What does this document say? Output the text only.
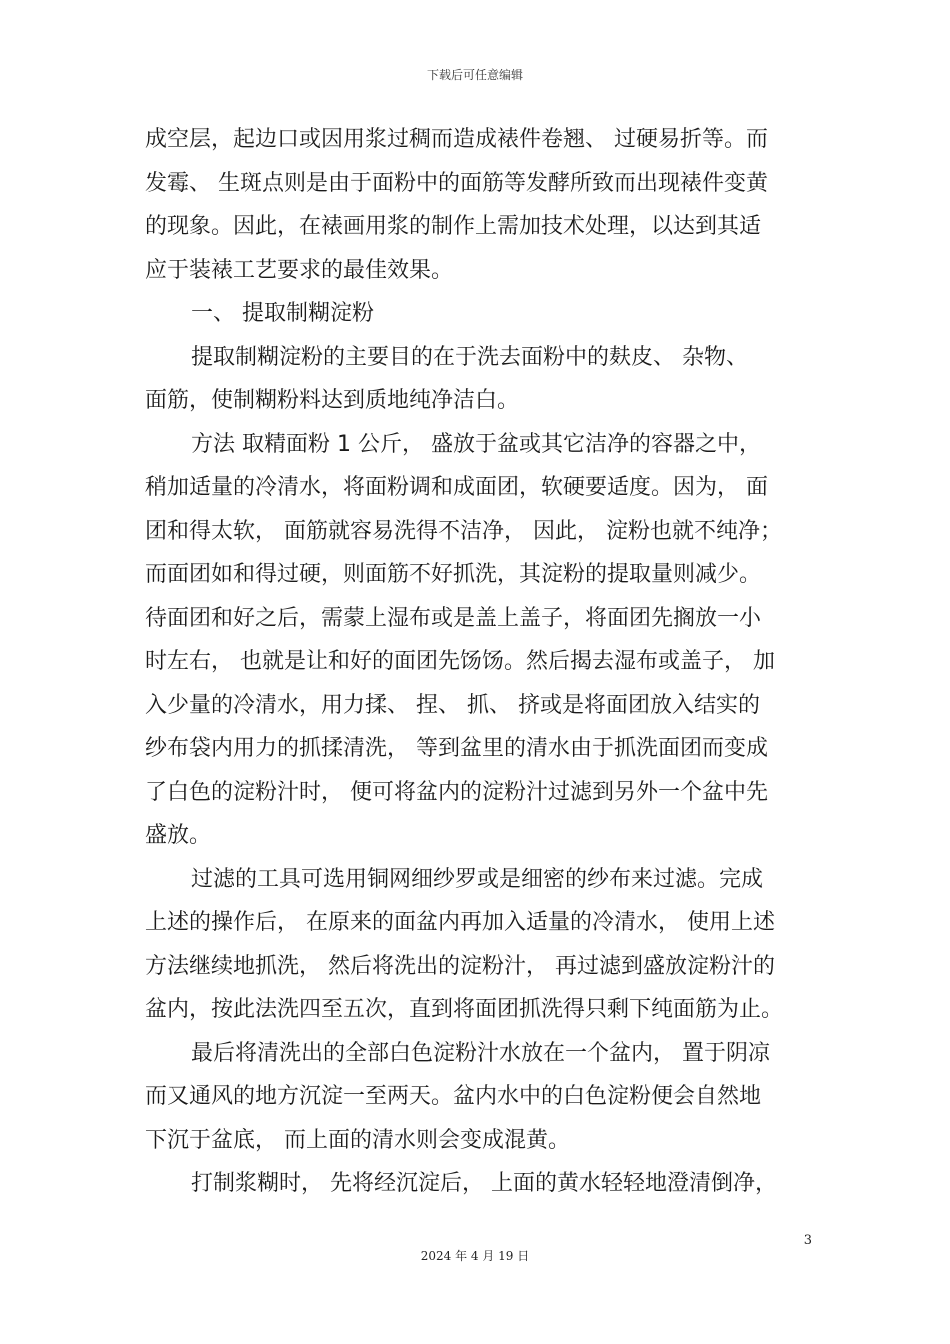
下载后可任意编辑
成空层，起边口或因用浆过稠而造成裱件卷翘、 过硬易折等。而
发霉、 生斑点则是由于面粉中的面筋等发酵所致而出现裱件变黄
的现象。因此，在裱画用浆的制作上需加技术处理，以达到其适
应于装裱工艺要求的最佳效果。
一、 提取制糊淀粉
提取制糊淀粉的主要目的在于洗去面粉中的麸皮、 杂物、
面筋，使制糊粉料达到质地纯净洁白。
方法 取精面粉 1 公斤， 盛放于盆或其它洁净的容器之中，
稍加适量的冷清水，将面粉调和成面团，软硬要适度。因为， 面
团和得太软， 面筋就容易洗得不洁净， 因此， 淀粉也就不纯净；
而面团如和得过硬，则面筋不好抓洗，其淀粉的提取量则减少。
待面团和好之后，需蒙上湿布或是盖上盖子，将面团先搁放一小
时左右， 也就是让和好的面团先饧饧。然后揭去湿布或盖子， 加
入少量的冷清水，用力揉、 捏、 抓、 挤或是将面团放入结实的
纱布袋内用力的抓揉清洗， 等到盆里的清水由于抓洗面团而变成
了白色的淀粉汁时， 便可将盆内的淀粉汁过滤到另外一个盆中先
盛放。
过滤的工具可选用铜网细纱罗或是细密的纱布来过滤。完成
上述的操作后， 在原来的面盆内再加入适量的冷清水， 使用上述
方法继续地抓洗， 然后将洗出的淀粉汁， 再过滤到盛放淀粉汁的
盆内，按此法洗四至五次，直到将面团抓洗得只剩下纯面筋为止。
最后将清洗出的全部白色淀粉汁水放在一个盆内， 置于阴凉
而又通风的地方沉淀一至两天。盆内水中的白色淀粉便会自然地
下沉于盆底， 而上面的清水则会变成混黄。
打制浆糊时， 先将经沉淀后， 上面的黄水轻轻地澄清倒净，
3
2024 年 4 月 19 日
